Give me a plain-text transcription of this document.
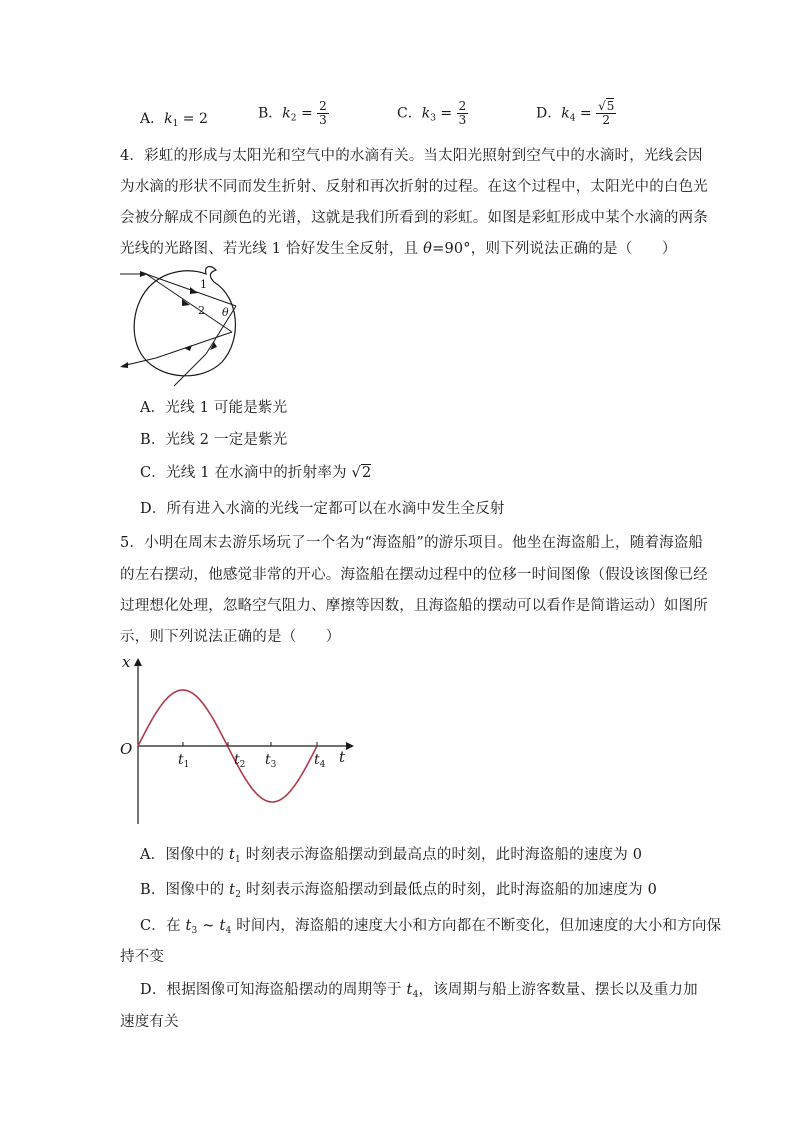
A．$k_1 = 2$	B．$k_2 = \frac{2}{3}$	C．$k_3 = \frac{2}{3}$	D．$k_4 = \frac{√5}{2}$
4．彩虹的形成与太阳光和空气中的水滴有关。当太阳光照射到空气中的水滴时，光线会因
为水滴的形状不同而发生折射、反射和再次折射的过程。在这个过程中，太阳光中的白色光
会被分解成不同颜色的光谱，这就是我们所看到的彩虹。如图是彩虹形成中某个水滴的两条
光线的光路图、若光线 1 恰好发生全反射，且 θ=90°，则下列说法正确的是（　　）
1
2 θ
A．光线 1 可能是紫光
B．光线 2 一定是紫光
C．光线 1 在水滴中的折射率为 √2
D．所有进入水滴的光线一定都可以在水滴中发生全反射
5．小明在周末去游乐场玩了一个名为“海盗船”的游乐项目。他坐在海盗船上，随着海盗船
的左右摆动，他感觉非常的开心。海盗船在摆动过程中的位移一时间图像（假设该图像已经
过理想化处理，忽略空气阻力、摩擦等因数，且海盗船的摆动可以看作是简谐运动）如图所
示，则下列说法正确的是（　　）
x
t
O
$t_1$	$t_2$ $t_3$	$t_4$
A．图像中的 $t_1$ 时刻表示海盗船摆动到最高点的时刻，此时海盗船的速度为 0
B．图像中的 $t_2$ 时刻表示海盗船摆动到最低点的时刻，此时海盗船的加速度为 0
C．在 $t_3$ ~ $t_4$ 时间内，海盗船的速度大小和方向都在不断变化，但加速度的大小和方向保
持不变
D．根据图像可知海盗船摆动的周期等于 $t_4$，该周期与船上游客数量、摆长以及重力加
速度有关
